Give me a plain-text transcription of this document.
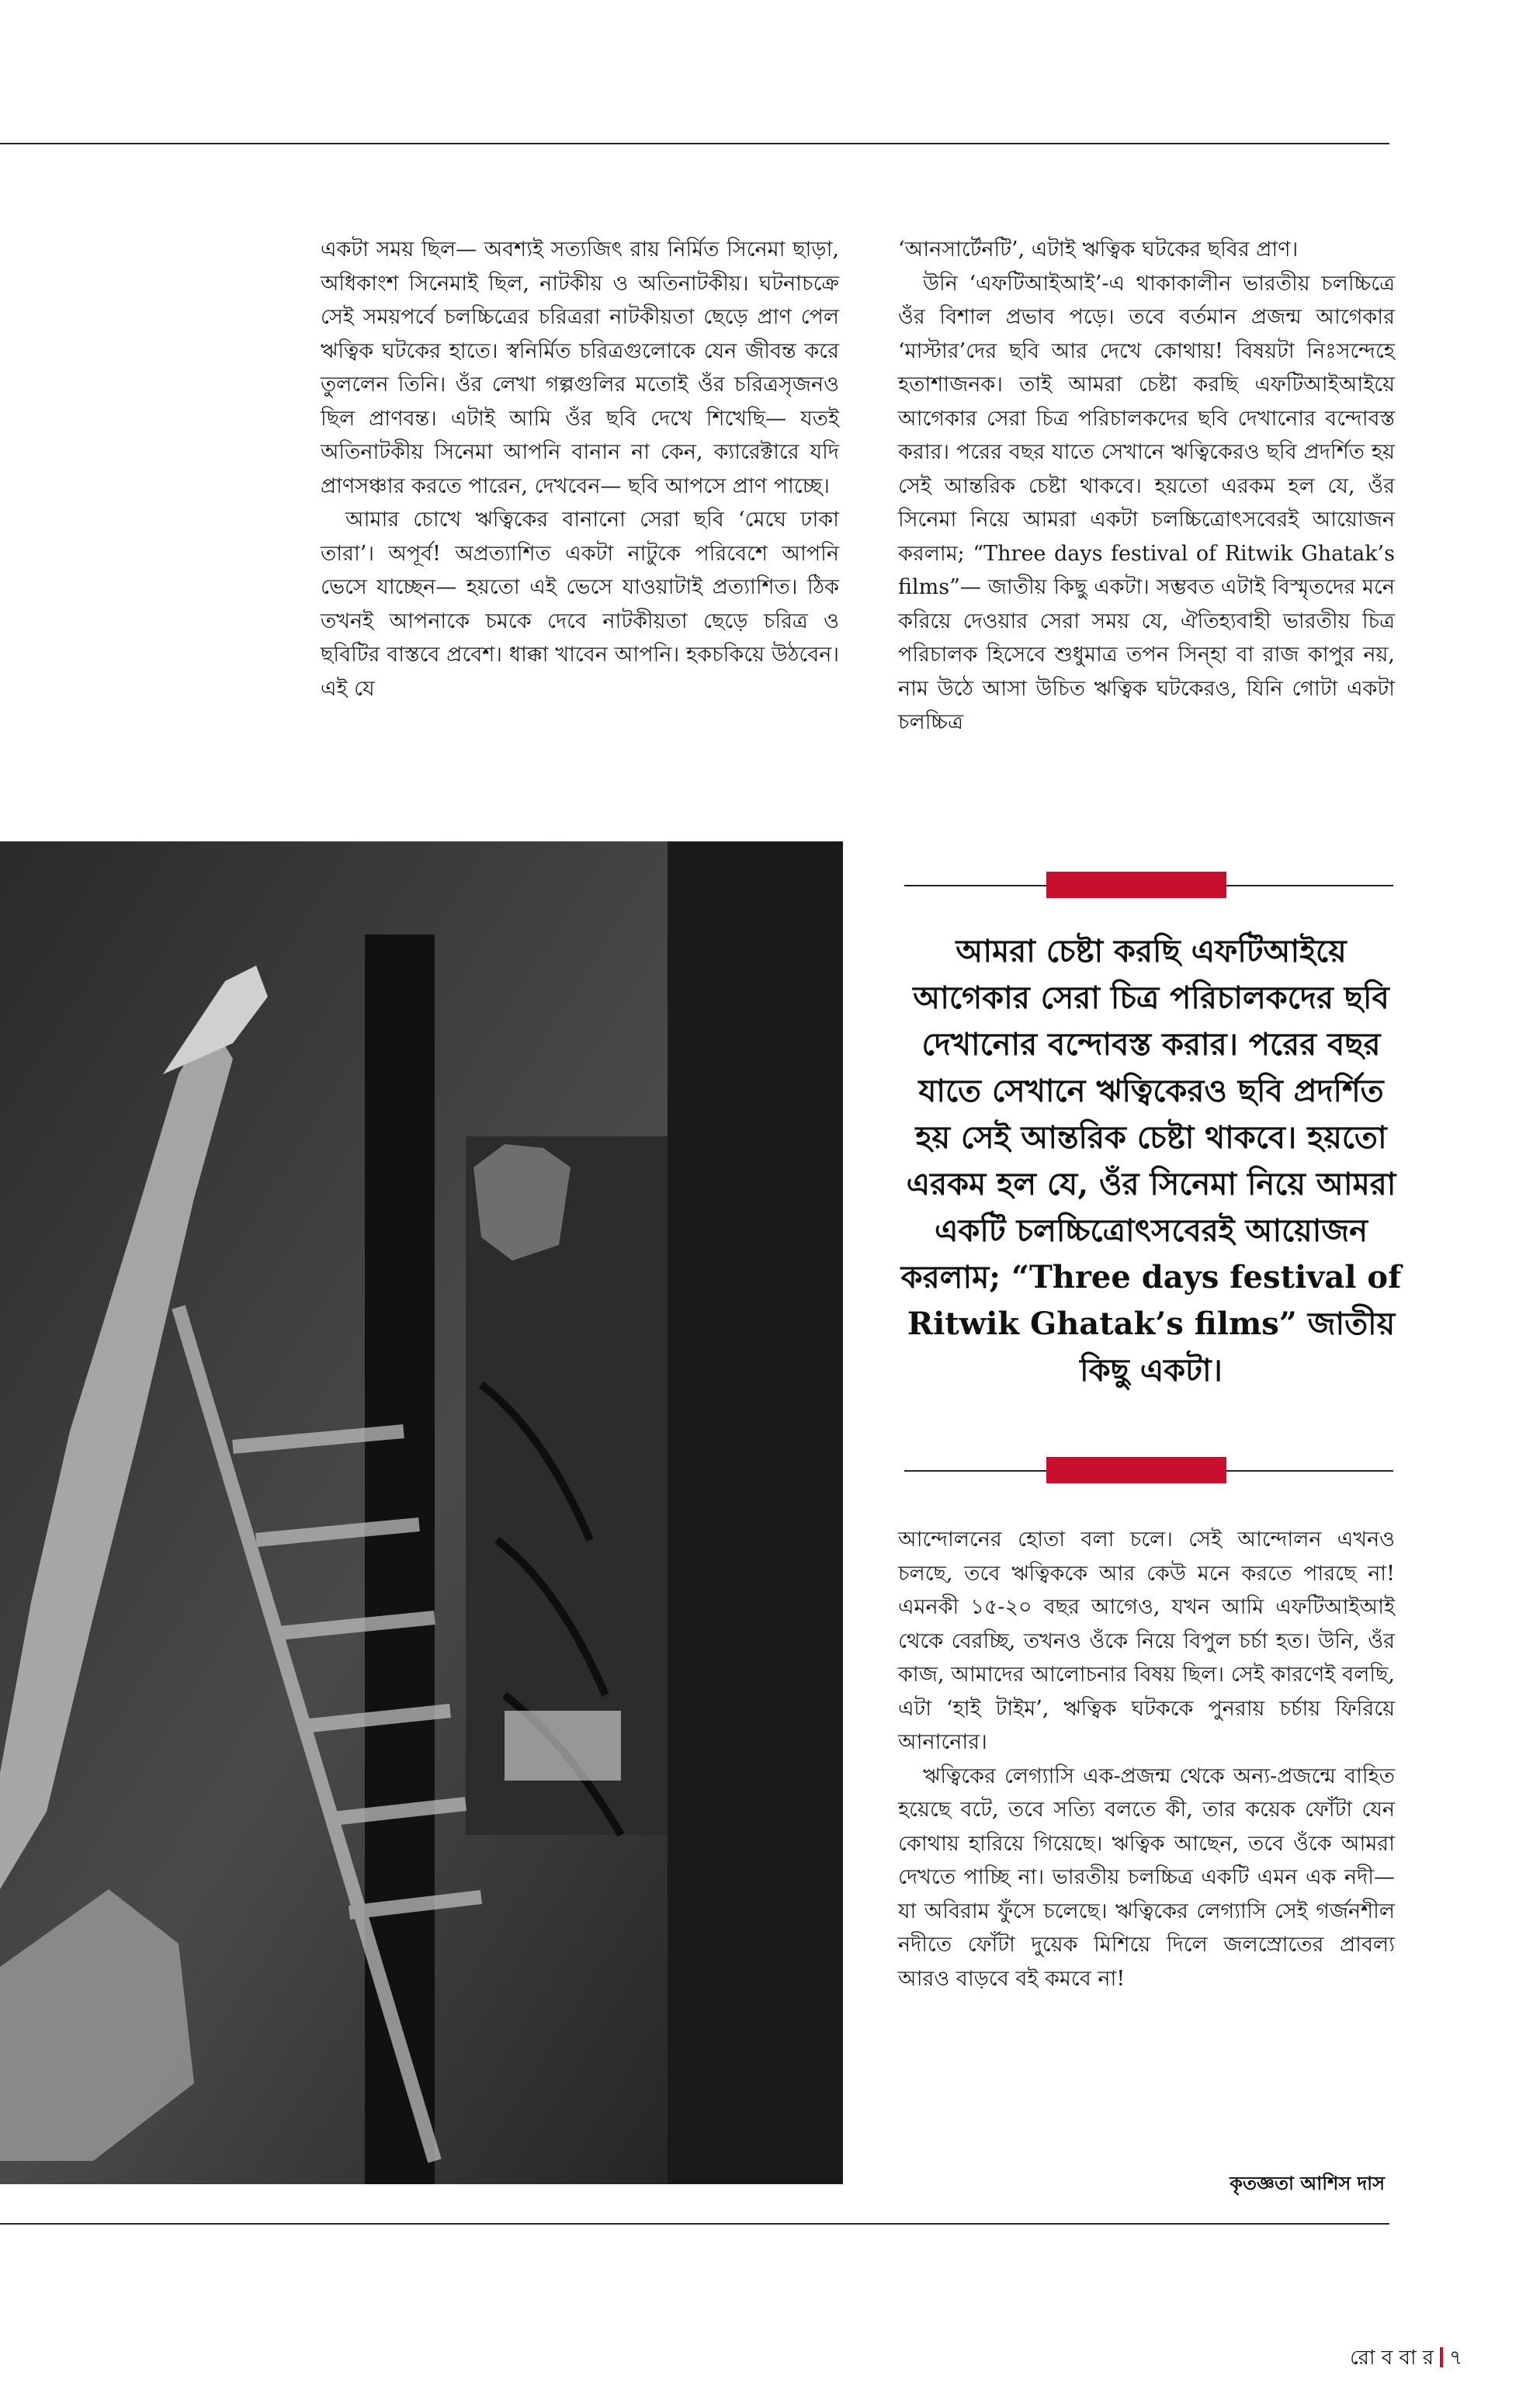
একটা সময় ছিল— অবশ্যই সত্যজিৎ রায় নির্মিত সিনেমা ছাড়া, অধিকাংশ সিনেমাই ছিল, নাটকীয় ও অতিনাটকীয়। ঘটনাচক্রে সেই সময়পর্বে চলচ্চিত্রের চরিত্ররা নাটকীয়তা ছেড়ে প্রাণ পেল ঋত্বিক ঘটকের হাতে। স্বনির্মিত চরিত্রগুলোকে যেন জীবন্ত করে তুললেন তিনি। ওঁর লেখা গল্পগুলির মতোই ওঁর চরিত্রসৃজনও ছিল প্রাণবন্ত। এটাই আমি ওঁর ছবি দেখে শিখেছি— যতই অতিনাটকীয় সিনেমা আপনি বানান না কেন, ক্যারেক্টারে যদি প্রাণসঞ্চার করতে পারেন, দেখবেন— ছবি আপসে প্রাণ পাচ্ছে।

আমার চোখে ঋত্বিকের বানানো সেরা ছবি ‘মেঘে ঢাকা তারা’। অপূর্ব! অপ্রত্যাশিত একটা নাটুকে পরিবেশে আপনি ভেসে যাচ্ছেন— হয়তো এই ভেসে যাওয়াটাই প্রত্যাশিত। ঠিক তখনই আপনাকে চমকে দেবে নাটকীয়তা ছেড়ে চরিত্র ও ছবিটির বাস্তবে প্রবেশ। ধাক্কা খাবেন আপনি। হকচকিয়ে উঠবেন। এই যে

‘আনসার্টেনটি’, এটাই ঋত্বিক ঘটকের ছবির প্রাণ।

উনি ‘এফটিআইআই’-এ থাকাকালীন ভারতীয় চলচ্চিত্রে ওঁর বিশাল প্রভাব পড়ে। তবে বর্তমান প্রজন্ম আগেকার ‘মাস্টার’দের ছবি আর দেখে কোথায়! বিষয়টা নিঃসন্দেহে হতাশাজনক। তাই আমরা চেষ্টা করছি এফটিআইআইয়ে আগেকার সেরা চিত্র পরিচালকদের ছবি দেখানোর বন্দোবস্ত করার। পরের বছর যাতে সেখানে ঋত্বিকেরও ছবি প্রদর্শিত হয় সেই আন্তরিক চেষ্টা থাকবে। হয়তো এরকম হল যে, ওঁর সিনেমা নিয়ে আমরা একটা চলচ্চিত্রোৎসবেরই আয়োজন করলাম; “Three days festival of Ritwik Ghatak’s films”— জাতীয় কিছু একটা। সম্ভবত এটাই বিস্মৃতদের মনে করিয়ে দেওয়ার সেরা সময় যে, ঐতিহ্যবাহী ভারতীয় চিত্র পরিচালক হিসেবে শুধুমাত্র তপন সিন্হা বা রাজ কাপুর নয়, নাম উঠে আসা উচিত ঋত্বিক ঘটকেরও, যিনি গোটা একটা চলচ্চিত্র

আমরা চেষ্টা করছি এফটিআইয়ে আগেকার সেরা চিত্র পরিচালকদের ছবি দেখানোর বন্দোবস্ত করার। পরের বছর যাতে সেখানে ঋত্বিকেরও ছবি প্রদর্শিত হয় সেই আন্তরিক চেষ্টা থাকবে। হয়তো এরকম হল যে, ওঁর সিনেমা নিয়ে আমরা একটি চলচ্চিত্রোৎসবেরই আয়োজন করলাম; “Three days festival of Ritwik Ghatak’s films” জাতীয় কিছু একটা।

আন্দোলনের হোতা বলা চলে। সেই আন্দোলন এখনও চলছে, তবে ঋত্বিককে আর কেউ মনে করতে পারছে না! এমনকী ১৫-২০ বছর আগেও, যখন আমি এফটিআইআই থেকে বেরচ্ছি, তখনও ওঁকে নিয়ে বিপুল চর্চা হত। উনি, ওঁর কাজ, আমাদের আলোচনার বিষয় ছিল। সেই কারণেই বলছি, এটা ‘হাই টাইম’, ঋত্বিক ঘটককে পুনরায় চর্চায় ফিরিয়ে আনানোর।

ঋত্বিকের লেগ্যাসি এক-প্রজন্ম থেকে অন্য-প্রজন্মে বাহিত হয়েছে বটে, তবে সত্যি বলতে কী, তার কয়েক ফোঁটা যেন কোথায় হারিয়ে গিয়েছে। ঋত্বিক আছেন, তবে ওঁকে আমরা দেখতে পাচ্ছি না। ভারতীয় চলচ্চিত্র একটি এমন এক নদী— যা অবিরাম ফুঁসে চলেছে। ঋত্বিকের লেগ্যাসি সেই গর্জনশীল নদীতে ফোঁটা দুয়েক মিশিয়ে দিলে জলস্রোতের প্রাবল্য আরও বাড়বে বই কমবে না!

কৃতজ্ঞতা আশিস দাস
রো ব বা র ৭
